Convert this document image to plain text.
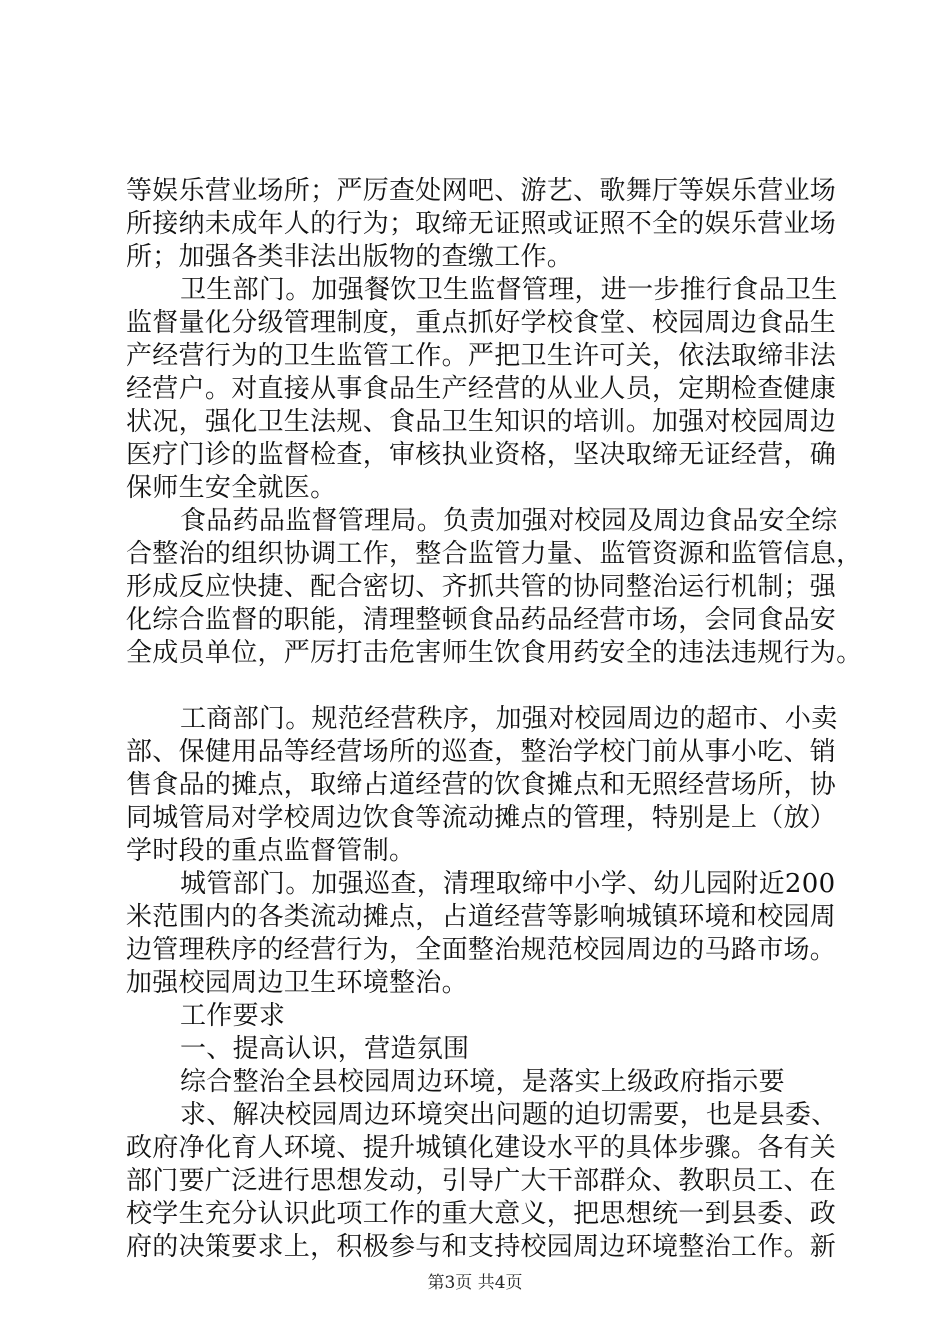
等娱乐营业场所；严厉查处网吧、游艺、歌舞厅等娱乐营业场
所接纳未成年人的行为；取缔无证照或证照不全的娱乐营业场
所；加强各类非法出版物的查缴工作。
卫生部门。加强餐饮卫生监督管理，进一步推行食品卫生
监督量化分级管理制度，重点抓好学校食堂、校园周边食品生
产经营行为的卫生监管工作。严把卫生许可关，依法取缔非法
经营户。对直接从事食品生产经营的从业人员，定期检查健康
状况，强化卫生法规、食品卫生知识的培训。加强对校园周边
医疗门诊的监督检查，审核执业资格，坚决取缔无证经营，确
保师生安全就医。
食品药品监督管理局。负责加强对校园及周边食品安全综
合整治的组织协调工作，整合监管力量、监管资源和监管信息，
形成反应快捷、配合密切、齐抓共管的协同整治运行机制；强
化综合监督的职能，清理整顿食品药品经营市场，会同食品安
全成员单位，严厉打击危害师生饮食用药安全的违法违规行为。
工商部门。规范经营秩序，加强对校园周边的超市、小卖
部、保健用品等经营场所的巡查，整治学校门前从事小吃、销
售食品的摊点，取缔占道经营的饮食摊点和无照经营场所，协
同城管局对学校周边饮食等流动摊点的管理，特别是上（放）
学时段的重点监督管制。
城管部门。加强巡查，清理取缔中小学、幼儿园附近200
米范围内的各类流动摊点，占道经营等影响城镇环境和校园周
边管理秩序的经营行为，全面整治规范校园周边的马路市场。
加强校园周边卫生环境整治。
工作要求
一、提高认识，营造氛围
综合整治全县校园周边环境，是落实上级政府指示要
求、解决校园周边环境突出问题的迫切需要，也是县委、
政府净化育人环境、提升城镇化建设水平的具体步骤。各有关
部门要广泛进行思想发动，引导广大干部群众、教职员工、在
校学生充分认识此项工作的重大意义，把思想统一到县委、政
府的决策要求上，积极参与和支持校园周边环境整治工作。新
第3页 共4页
